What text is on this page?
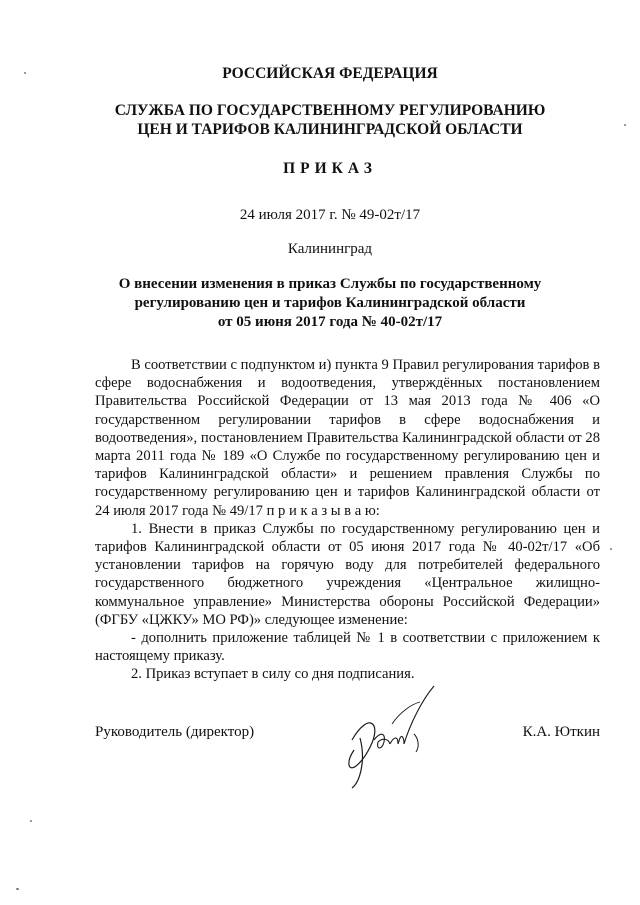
РОССИЙСКАЯ ФЕДЕРАЦИЯ
СЛУЖБА ПО ГОСУДАРСТВЕННОМУ РЕГУЛИРОВАНИЮ
ЦЕН И ТАРИФОВ КАЛИНИНГРАДСКОЙ ОБЛАСТИ
ПРИКАЗ
24 июля 2017 г. № 49-02т/17
Калининград
О внесении изменения в приказ Службы по государственному
регулированию цен и тарифов Калининградской области
от 05 июня 2017 года № 40-02т/17

В соответствии с подпунктом и) пункта 9 Правил регулирования тарифов в сфере водоснабжения и водоотведения, утверждённых постановлением Правительства Российской Федерации от 13 мая 2013 года № 406 «О государственном регулировании тарифов в сфере водоснабжения и водоотведения», постановлением Правительства Калининградской области от 28 марта 2011 года № 189 «О Службе по государственному регулированию цен и тарифов Калининградской области» и решением правления Службы по государственному регулированию цен и тарифов Калининградской области от 24 июля 2017 года № 49/17 п р и к а з ы в а ю:

1. Внести в приказ Службы по государственному регулированию цен и тарифов Калининградской области от 05 июня 2017 года № 40-02т/17 «Об установлении тарифов на горячую воду для потребителей федерального государственного бюджетного учреждения «Центральное жилищно-коммунальное управление» Министерства обороны Российской Федерации» (ФГБУ «ЦЖКУ» МО РФ)» следующее изменение:

- дополнить приложение таблицей № 1 в соответствии с приложением к настоящему приказу.

2. Приказ вступает в силу со дня подписания.

Руководитель (директор)	К.А. Юткин
